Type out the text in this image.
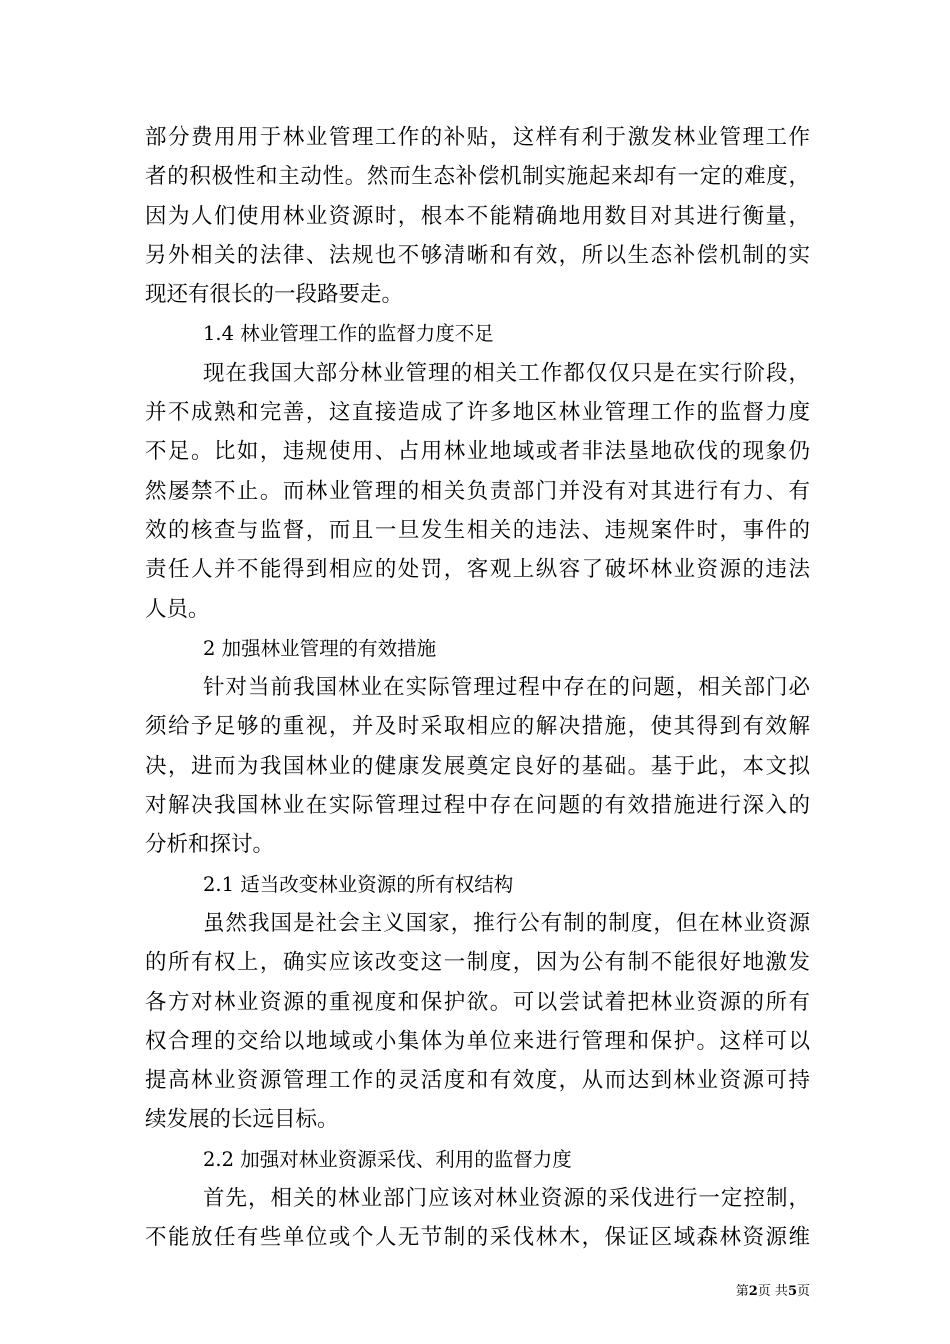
部分费用用于林业管理工作的补贴，这样有利于激发林业管理工作
者的积极性和主动性。然而生态补偿机制实施起来却有一定的难度，
因为人们使用林业资源时，根本不能精确地用数目对其进行衡量，
另外相关的法律、法规也不够清晰和有效，所以生态补偿机制的实
现还有很长的一段路要走。
1.4 林业管理工作的监督力度不足
现在我国大部分林业管理的相关工作都仅仅只是在实行阶段，
并不成熟和完善，这直接造成了许多地区林业管理工作的监督力度
不足。比如，违规使用、占用林业地域或者非法垦地砍伐的现象仍
然屡禁不止。而林业管理的相关负责部门并没有对其进行有力、有
效的核查与监督，而且一旦发生相关的违法、违规案件时，事件的
责任人并不能得到相应的处罚，客观上纵容了破坏林业资源的违法
人员。
2 加强林业管理的有效措施
针对当前我国林业在实际管理过程中存在的问题，相关部门必
须给予足够的重视，并及时采取相应的解决措施，使其得到有效解
决，进而为我国林业的健康发展奠定良好的基础。基于此，本文拟
对解决我国林业在实际管理过程中存在问题的有效措施进行深入的
分析和探讨。
2.1 适当改变林业资源的所有权结构
虽然我国是社会主义国家，推行公有制的制度，但在林业资源
的所有权上，确实应该改变这一制度，因为公有制不能很好地激发
各方对林业资源的重视度和保护欲。可以尝试着把林业资源的所有
权合理的交给以地域或小集体为单位来进行管理和保护。这样可以
提高林业资源管理工作的灵活度和有效度，从而达到林业资源可持
续发展的长远目标。
2.2 加强对林业资源采伐、利用的监督力度
首先，相关的林业部门应该对林业资源的采伐进行一定控制，
不能放任有些单位或个人无节制的采伐林木，保证区域森林资源维
第2页 共5页
